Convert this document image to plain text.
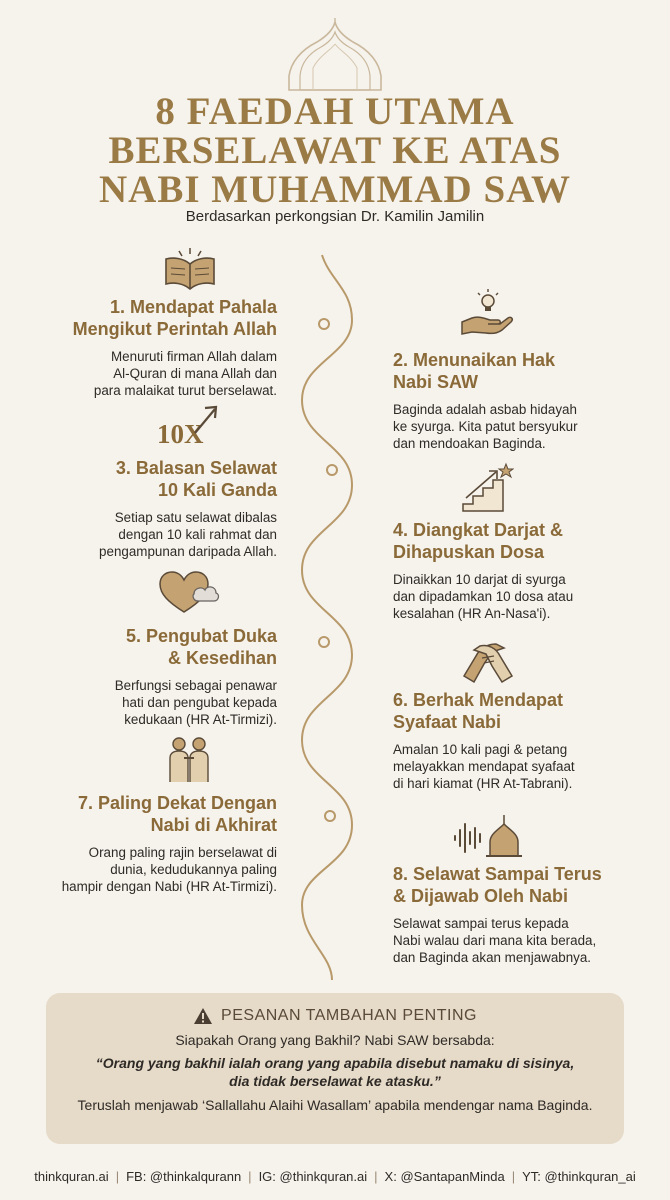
8 FAEDAH UTAMA
BERSELAWAT KE ATAS
NABI MUHAMMAD SAW
Berdasarkan perkongsian Dr. Kamilin Jamilin
1. Mendapat Pahala
Mengikut Perintah Allah

Menuruti firman Allah dalam
Al-Quran di mana Allah dan
para malaikat turut berselawat.

2. Menunaikan Hak
Nabi SAW

Baginda adalah asbab hidayah
ke syurga. Kita patut bersyukur
dan mendoakan Baginda.

10X
3. Balasan Selawat
10 Kali Ganda

Setiap satu selawat dibalas
dengan 10 kali rahmat dan
pengampunan daripada Allah.

4. Diangkat Darjat &
Dihapuskan Dosa

Dinaikkan 10 darjat di syurga
dan dipadamkan 10 dosa atau
kesalahan (HR An-Nasa'i).

5. Pengubat Duka
& Kesedihan

Berfungsi sebagai penawar
hati dan pengubat kepada
kedukaan (HR At-Tirmizi).

6. Berhak Mendapat
Syafaat Nabi

Amalan 10 kali pagi & petang
melayakkan mendapat syafaat
di hari kiamat (HR At-Tabrani).

7. Paling Dekat Dengan
Nabi di Akhirat

Orang paling rajin berselawat di
dunia, kedudukannya paling
hampir dengan Nabi (HR At-Tirmizi).

8. Selawat Sampai Terus
& Dijawab Oleh Nabi

Selawat sampai terus kepada
Nabi walau dari mana kita berada,
dan Baginda akan menjawabnya.

PESANAN TAMBAHAN PENTING
Siapakah Orang yang Bakhil? Nabi SAW bersabda:
“Orang yang bakhil ialah orang yang apabila disebut namaku di sisinya,
dia tidak berselawat ke atasku.”
Teruslah menjawab ‘Sallallahu Alaihi Wasallam’ apabila mendengar nama Baginda.
thinkquran.ai | FB: @thinkalqurann | IG: @thinkquran.ai | X: @SantapanMinda | YT: @thinkquran_ai
